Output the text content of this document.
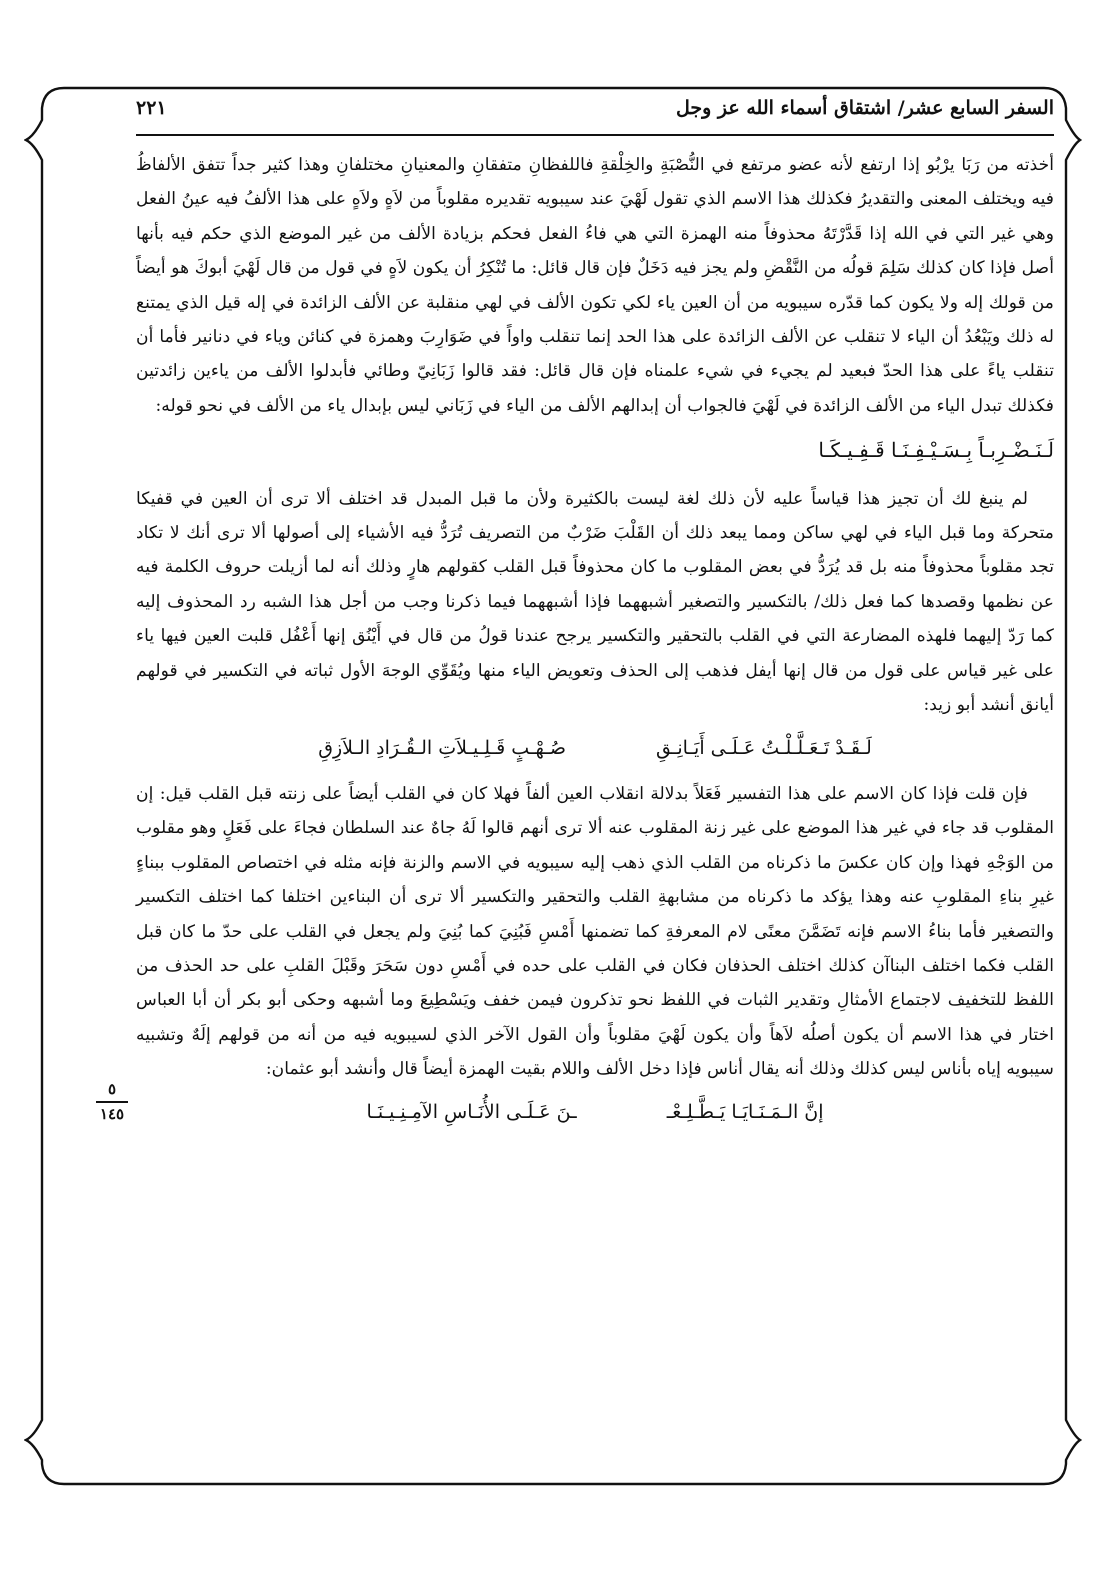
٥
١٤٥
السفر السابع عشر/ اشتقاق أسماء الله عز وجل
٢٢١

أخذته من رَبَا يرْبُو إذا ارتفع لأنه عضو مرتفع في النُّصْبَةِ والخِلْقةِ فاللفظانِ متفقانِ والمعنيانِ مختلفانِ وهذا كثير جداً تتفق الألفاظُ فيه ويختلف المعنى والتقديرُ فكذلك هذا الاسم الذي تقول لَهْيَ عند سيبويه تقديره مقلوباً من لاَهٍ ولاَهٍ على هذا الألفُ فيه عينُ الفعل وهي غير التي في الله إذا قَدَّرْتَهُ محذوفاً منه الهمزة التي هي فاءُ الفعل فحكم بزيادة الألف من غير الموضع الذي حكم فيه بأنها أصل فإذا كان كذلك سَلِمَ قولُه من النَّقْضِ ولم يجز فيه دَخَلٌ فإن قال قائل: ما تُنْكِرُ أن يكون لاَهٍ في قول من قال لَهْيَ أبوكَ هو أيضاً من قولك إله ولا يكون كما قدّره سيبويه من أن العين ياء لكي تكون الألف في لهي منقلبة عن الألف الزائدة في إله قيل الذي يمتنع له ذلك ويَبْعُدُ أن الياء لا تنقلب عن الألف الزائدة على هذا الحد إنما تنقلب واواً في ضَوَارِبَ وهمزة في كنائن وياء في دنانير فأما أن تنقلب ياءً على هذا الحدّ فبعيد لم يجيء في شيء علمناه فإن قال قائل: فقد قالوا زَبَانِيّ وطائي فأبدلوا الألف من ياءين زائدتين فكذلك تبدل الياء من الألف الزائدة في لَهْيَ فالجواب أن إبدالهم الألف من الياء في زَبَاني ليس بإبدال ياء من الألف في نحو قوله:

لَـنَـضْـرِبـاً بِـسَـيْـفِـنَـا قَـفِـيـكَـا

لم ينبغ لك أن تجيز هذا قياساً عليه لأن ذلك لغة ليست بالكثيرة ولأن ما قبل المبدل قد اختلف ألا ترى أن العين في قفيكا متحركة وما قبل الياء في لهي ساكن ومما يبعد ذلك أن القَلْبَ ضَرْبٌ من التصريف تُرَدُّ فيه الأشياء إلى أصولها ألا ترى أنك لا تكاد تجد مقلوباً محذوفاً منه بل قد يُرَدُّ في بعض المقلوب ما كان محذوفاً قبل القلب كقولهم هارٍ وذلك أنه لما أزيلت حروف الكلمة فيه عن نظمها وقصدها كما فعل ذلك/ بالتكسير والتصغير أشبههما فإذا أشبههما فيما ذكرنا وجب من أجل هذا الشبه رد المحذوف إليه كما رَدّ إليهما فلهذه المضارعة التي في القلب بالتحقير والتكسير يرجح عندنا قولُ من قال في أَيْنُق إنها أَعْفُل قلبت العين فيها ياء على غير قياس على قول من قال إنها أيفل فذهب إلى الحذف وتعويض الياء منها ويُقَوِّي الوجهَ الأول ثباته في التكسير في قولهم أيانق أنشد أبو زيد:

لَـقَـدْ تَـعَـلَّـلْـتُ عَـلَـى أَيَـانِـقِ
صُـهْـبٍ قَـلِـيـلاَتِ الـقُـرَادِ الـلاَزِقِ

فإن قلت فإذا كان الاسم على هذا التفسير فَعَلاً بدلالة انقلاب العين ألفاً فهلا كان في القلب أيضاً على زنته قبل القلب قيل: إن المقلوب قد جاء في غير هذا الموضع على غير زنة المقلوب عنه ألا ترى أنهم قالوا لَهُ جاهٌ عند السلطان فجاءَ على فَعَلٍ وهو مقلوب من الوَجْهِ فهذا وإن كان عكسَ ما ذكرناه من القلب الذي ذهب إليه سيبويه في الاسم والزنة فإنه مثله في اختصاص المقلوب ببناءٍ غيرِ بناءِ المقلوبِ عنه وهذا يؤكد ما ذكرناه من مشابهةِ القلب والتحقير والتكسير ألا ترى أن البناءين اختلفا كما اختلف التكسير والتصغير فأما بناءُ الاسم فإنه تَضَمَّنَ معنًى لام المعرفةِ كما تضمنها أَمْسِ فَبُنِيَ كما بُنِيَ ولم يجعل في القلب على حدّ ما كان قبل القلب فكما اختلف البناآن كذلك اختلف الحذفان فكان في القلب على حده في أَمْسِ دون سَحَرَ وقَبْلَ القلبِ على حد الحذف من اللفظ للتخفيف لاجتماع الأمثالِ وتقدير الثبات في اللفظ نحو تذكرون فيمن خفف ويَسْطِيعَ وما أشبهه وحكى أبو بكر أن أبا العباس اختار في هذا الاسم أن يكون أصلُه لاَهاً وأن يكون لَهْيَ مقلوباً وأن القول الآخر الذي لسيبويه فيه من أنه من قولهم إلَهٌ وتشبيه سيبويه إياه بأناس ليس كذلك وذلك أنه يقال أناس فإذا دخل الألف واللام بقيت الهمزة أيضاً قال وأنشد أبو عثمان:

إنَّ الـمَـنَـايَـا يَـطَّـلِـعْـ
ـنَ عَـلَـى الأُنَـاسِ الآمِـنِـيـنَـا
